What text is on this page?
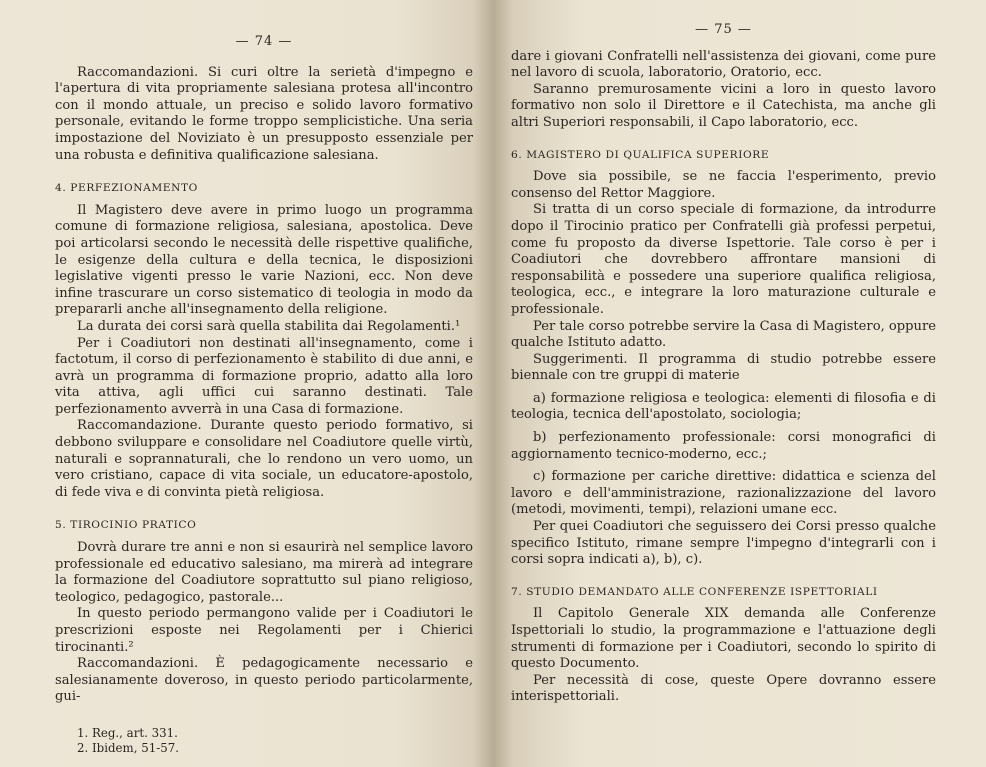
— 74 —

Raccomandazioni. Si curi oltre la serietà d'impegno e l'apertura di vita propriamente salesiana protesa all'incontro con il mondo attuale, un preciso e solido lavoro formativo personale, evitando le forme troppo semplicistiche. Una seria impostazione del Noviziato è un presupposto essenziale per una robusta e definitiva qualificazione salesiana.

4. PERFEZIONAMENTO

Il Magistero deve avere in primo luogo un programma comune di formazione religiosa, salesiana, apostolica. Deve poi articolarsi secondo le necessità delle rispettive qualifiche, le esigenze della cultura e della tecnica, le disposizioni legislative vigenti presso le varie Nazioni, ecc. Non deve infine trascurare un corso sistematico di teologia in modo da prepararli anche all'insegnamento della religione.

La durata dei corsi sarà quella stabilita dai Regolamenti.¹

Per i Coadiutori non destinati all'insegnamento, come i factotum, il corso di perfezionamento è stabilito di due anni, e avrà un programma di formazione proprio, adatto alla loro vita attiva, agli uffici cui saranno destinati. Tale perfezionamento avverrà in una Casa di formazione.

Raccomandazione. Durante questo periodo formativo, si debbono sviluppare e consolidare nel Coadiutore quelle virtù, naturali e soprannaturali, che lo rendono un vero uomo, un vero cristiano, capace di vita sociale, un educatore-apostolo, di fede viva e di convinta pietà religiosa.

5. TIROCINIO PRATICO

Dovrà durare tre anni e non si esaurirà nel semplice lavoro professionale ed educativo salesiano, ma mirerà ad integrare la formazione del Coadiutore soprattutto sul piano religioso, teologico, pedagogico, pastorale...

In questo periodo permangono valide per i Coadiutori le prescrizioni esposte nei Regolamenti per i Chierici tirocinanti.²

Raccomandazioni. È pedagogicamente necessario e salesianamente doveroso, in questo periodo particolarmente, gui-

1. Reg., art. 331.
2. Ibidem, 51-57.
— 75 —

dare i giovani Confratelli nell'assistenza dei giovani, come pure nel lavoro di scuola, laboratorio, Oratorio, ecc.

Saranno premurosamente vicini a loro in questo lavoro formativo non solo il Direttore e il Catechista, ma anche gli altri Superiori responsabili, il Capo laboratorio, ecc.

6. MAGISTERO DI QUALIFICA SUPERIORE

Dove sia possibile, se ne faccia l'esperimento, previo consenso del Rettor Maggiore.

Si tratta di un corso speciale di formazione, da introdurre dopo il Tirocinio pratico per Confratelli già professi perpetui, come fu proposto da diverse Ispettorie. Tale corso è per i Coadiutori che dovrebbero affrontare mansioni di responsabilità e possedere una superiore qualifica religiosa, teologica, ecc., e integrare la loro maturazione culturale e professionale.

Per tale corso potrebbe servire la Casa di Magistero, oppure qualche Istituto adatto.

Suggerimenti. Il programma di studio potrebbe essere biennale con tre gruppi di materie

a) formazione religiosa e teologica: elementi di filosofia e di teologia, tecnica dell'apostolato, sociologia;

b) perfezionamento professionale: corsi monografici di aggiornamento tecnico-moderno, ecc.;

c) formazione per cariche direttive: didattica e scienza del lavoro e dell'amministrazione, razionalizzazione del lavoro (metodi, movimenti, tempi), relazioni umane ecc.

Per quei Coadiutori che seguissero dei Corsi presso qualche specifico Istituto, rimane sempre l'impegno d'integrarli con i corsi sopra indicati a), b), c).

7. STUDIO DEMANDATO ALLE CONFERENZE ISPETTORIALI

Il Capitolo Generale XIX demanda alle Conferenze Ispettoriali lo studio, la programmazione e l'attuazione degli strumenti di formazione per i Coadiutori, secondo lo spirito di questo Documento.

Per necessità di cose, queste Opere dovranno essere interispettoriali.
